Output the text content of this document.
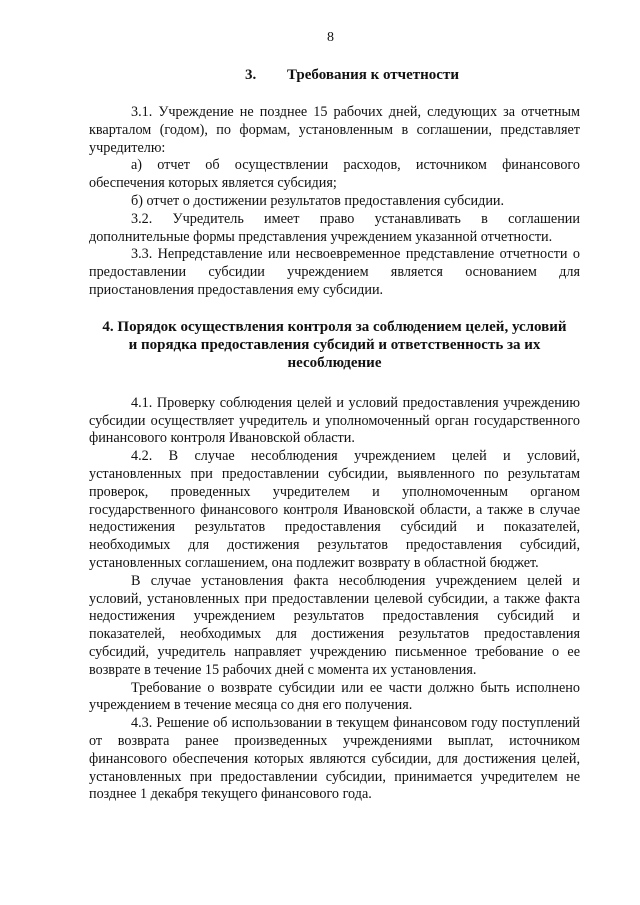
8
3. Требования к отчетности

3.1. Учреждение не позднее 15 рабочих дней, следующих за отчетным кварталом (годом), по формам, установленным в соглашении, представляет учредителю:

а) отчет об осуществлении расходов, источником финансового обеспечения которых является субсидия;

б) отчет о достижении результатов предоставления субсидии.

3.2. Учредитель имеет право устанавливать в соглашении дополнительные формы представления учреждением указанной отчетности.

3.3. Непредставление или несвоевременное представление отчетности о предоставлении субсидии учреждением является основанием для приостановления предоставления ему субсидии.

4. Порядок осуществления контроля за соблюдением целей, условий
и порядка предоставления субсидий и ответственность за их
несоблюдение

4.1. Проверку соблюдения целей и условий предоставления учреждению субсидии осуществляет учредитель и уполномоченный орган государственного финансового контроля Ивановской области.

4.2. В случае несоблюдения учреждением целей и условий, установленных при предоставлении субсидии, выявленного по результатам проверок, проведенных учредителем и уполномоченным органом государственного финансового контроля Ивановской области, а также в случае недостижения результатов предоставления субсидий и показателей, необходимых для достижения результатов предоставления субсидий, установленных соглашением, она подлежит возврату в областной бюджет.

В случае установления факта несоблюдения учреждением целей и условий, установленных при предоставлении целевой субсидии, а также факта недостижения учреждением результатов предоставления субсидий и показателей, необходимых для достижения результатов предоставления субсидий, учредитель направляет учреждению письменное требование о ее возврате в течение 15 рабочих дней с момента их установления.

Требование о возврате субсидии или ее части должно быть исполнено учреждением в течение месяца со дня его получения.

4.3. Решение об использовании в текущем финансовом году поступлений от возврата ранее произведенных учреждениями выплат, источником финансового обеспечения которых являются субсидии, для достижения целей, установленных при предоставлении субсидии, принимается учредителем не позднее 1 декабря текущего финансового года.
